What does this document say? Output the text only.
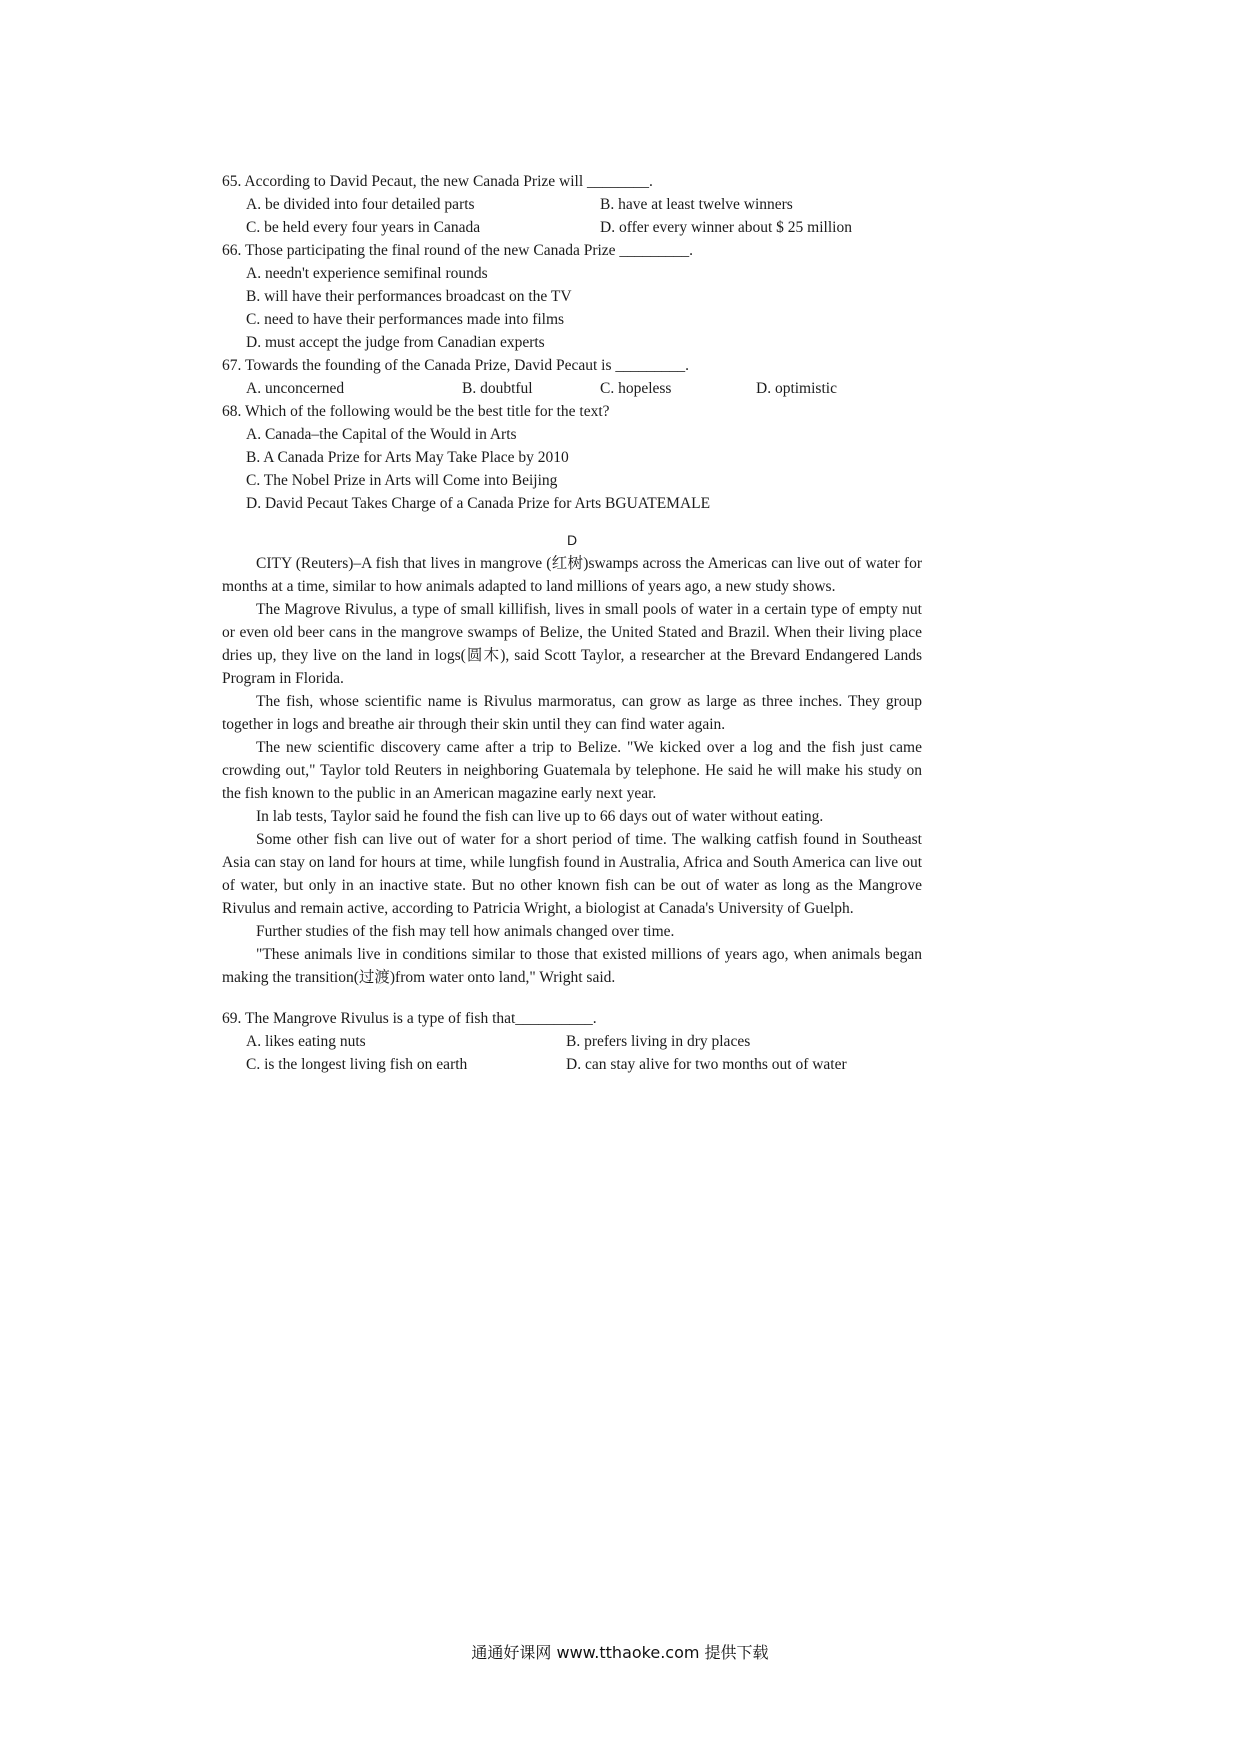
65. According to David Pecaut, the new Canada Prize will ________.
A. be divided into four detailed parts	B. have at least twelve winners
C. be held every four years in Canada	D. offer every winner about $ 25 million
66. Those participating the final round of the new Canada Prize _________.
A. needn't experience semifinal rounds
B. will have their performances broadcast on the TV
C. need to have their performances made into films
D. must accept the judge from Canadian experts
67. Towards the founding of the Canada Prize, David Pecaut is _________.
A. unconcerned	B. doubtful	C. hopeless	D. optimistic
68. Which of the following would be the best title for the text?
A. Canada–the Capital of the Would in Arts
B. A Canada Prize for Arts May Take Place by 2010
C. The Nobel Prize in Arts will Come into Beijing
D. David Pecaut Takes Charge of a Canada Prize for Arts BGUATEMALE
D

CITY (Reuters)–A fish that lives in mangrove (红树)swamps across the Americas can live out of water for months at a time, similar to how animals adapted to land millions of years ago, a new study shows.

The Magrove Rivulus, a type of small killifish, lives in small pools of water in a certain type of empty nut or even old beer cans in the mangrove swamps of Belize, the United Stated and Brazil. When their living place dries up, they live on the land in logs(圆木), said Scott Taylor, a researcher at the Brevard Endangered Lands Program in Florida.

The fish, whose scientific name is Rivulus marmoratus, can grow as large as three inches. They group together in logs and breathe air through their skin until they can find water again.

The new scientific discovery came after a trip to Belize. "We kicked over a log and the fish just came crowding out," Taylor told Reuters in neighboring Guatemala by telephone. He said he will make his study on the fish known to the public in an American magazine early next year.

In lab tests, Taylor said he found the fish can live up to 66 days out of water without eating.

Some other fish can live out of water for a short period of time. The walking catfish found in Southeast Asia can stay on land for hours at time, while lungfish found in Australia, Africa and South America can live out of water, but only in an inactive state. But no other known fish can be out of water as long as the Mangrove Rivulus and remain active, according to Patricia Wright, a biologist at Canada's University of Guelph.

Further studies of the fish may tell how animals changed over time.

"These animals live in conditions similar to those that existed millions of years ago, when animals began making the transition(过渡)from water onto land," Wright said.

69. The Mangrove Rivulus is a type of fish that__________.
A. likes eating nuts	B. prefers living in dry places
C. is the longest living fish on earth	D. can stay alive for two months out of water
通通好课网 www.tthaoke.com 提供下载
